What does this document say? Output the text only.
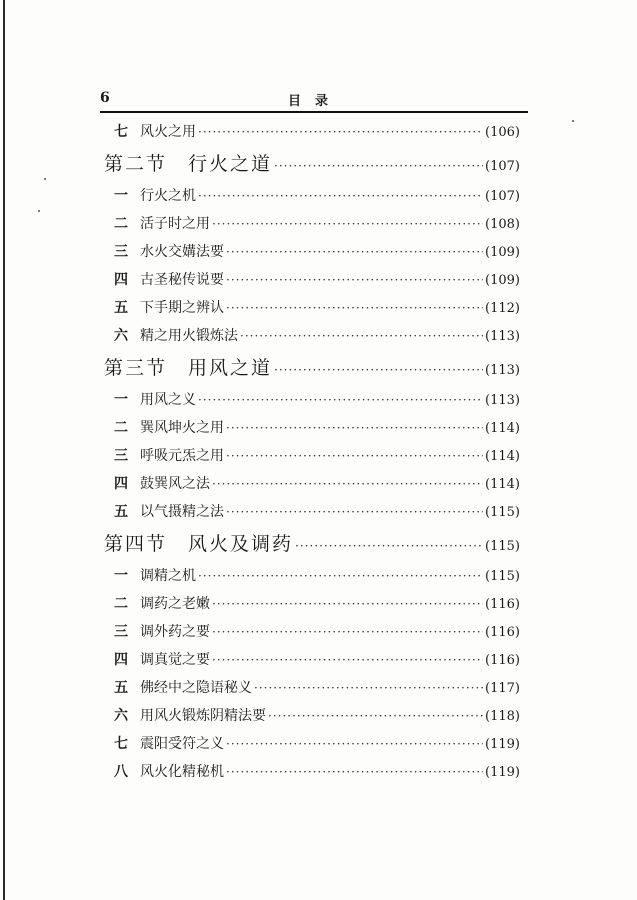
6	目录
七 风火之用 ·····	(106)
第二节　行火之道 ·····	(107)
一 行火之机 ·····	(107)
二 活子时之用 ·····	(108)
三 水火交媾法要 ·····	(109)
四 古圣秘传说要 ·····	(109)
五 下手期之辨认 ·····	(112)
六 精之用火锻炼法 ·····	(113)
第三节　用风之道 ·····	(113)
一 用风之义 ·····	(113)
二 巽风坤火之用 ·····	(114)
三 呼吸元炁之用 ·····	(114)
四 鼓巽风之法 ·····	(114)
五 以气摄精之法 ·····	(115)
第四节　风火及调药 ·····	(115)
一 调精之机 ·····	(115)
二 调药之老嫩 ·····	(116)
三 调外药之要 ·····	(116)
四 调真觉之要 ·····	(116)
五 佛经中之隐语秘义 ·····	(117)
六 用风火锻炼阴精法要 ·····	(118)
七 震阳受符之义 ·····	(119)
八 风火化精秘机 ·····	(119)
